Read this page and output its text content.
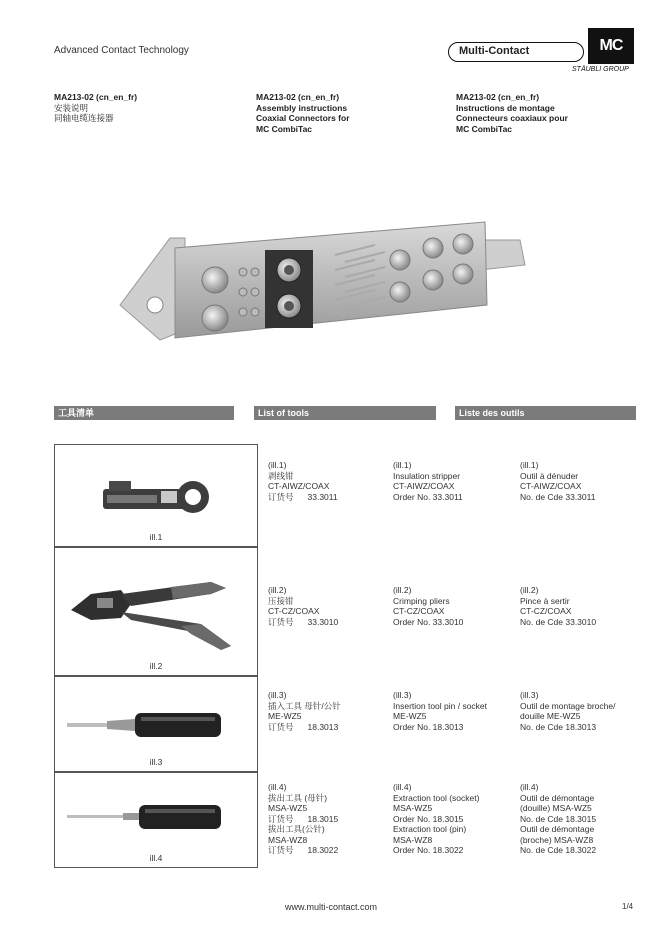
Advanced Contact Technology	Multi-Contact	MC
STÄUBLI GROUP
MA213-02 (cn_en_fr)
安装说明
同轴电缆连接器
MA213-02 (cn_en_fr)
Assembly instructions
Coaxial Connectors for
MC CombiTac
MA213-02 (cn_en_fr)
Instructions de montage
Connecteurs coaxiaux pour
MC CombiTac
工具清单	List of tools	Liste des outils
ill.1
(ill.1)
剥线钳
CT-AIWZ/COAX
订货号 33.3011
(ill.1)
Insulation stripper
CT-AIWZ/COAX
Order No. 33.3011
(ill.1)
Outil à dénuder
CT-AIWZ/COAX
No. de Cde 33.3011
ill.2
(ill.2)
压接钳
CT-CZ/COAX
订货号 33.3010
(ill.2)
Crimping pliers
CT-CZ/COAX
Order No. 33.3010
(ill.2)
Pince à sertir
CT-CZ/COAX
No. de Cde 33.3010
ill.3
(ill.3)
插入工具 母针/公针
ME-WZ5
订货号 18.3013
(ill.3)
Insertion tool pin / socket
ME-WZ5
Order No. 18.3013
(ill.3)
Outil de montage broche/
douille ME-WZ5
No. de Cde 18.3013
ill.4
(ill.4)
拔出工具 (母针)
MSA-WZ5
订货号 18.3015
拔出工具(公针)
MSA-WZ8
订货号 18.3022
(ill.4)
Extraction tool (socket)
MSA-WZ5
Order No. 18.3015
Extraction tool (pin)
MSA-WZ8
Order No. 18.3022
(ill.4)
Outil de démontage
(douille) MSA-WZ5
No. de Cde 18.3015
Outil de démontage
(broche) MSA-WZ8
No. de Cde 18.3022
www.multi-contact.com	1/4
